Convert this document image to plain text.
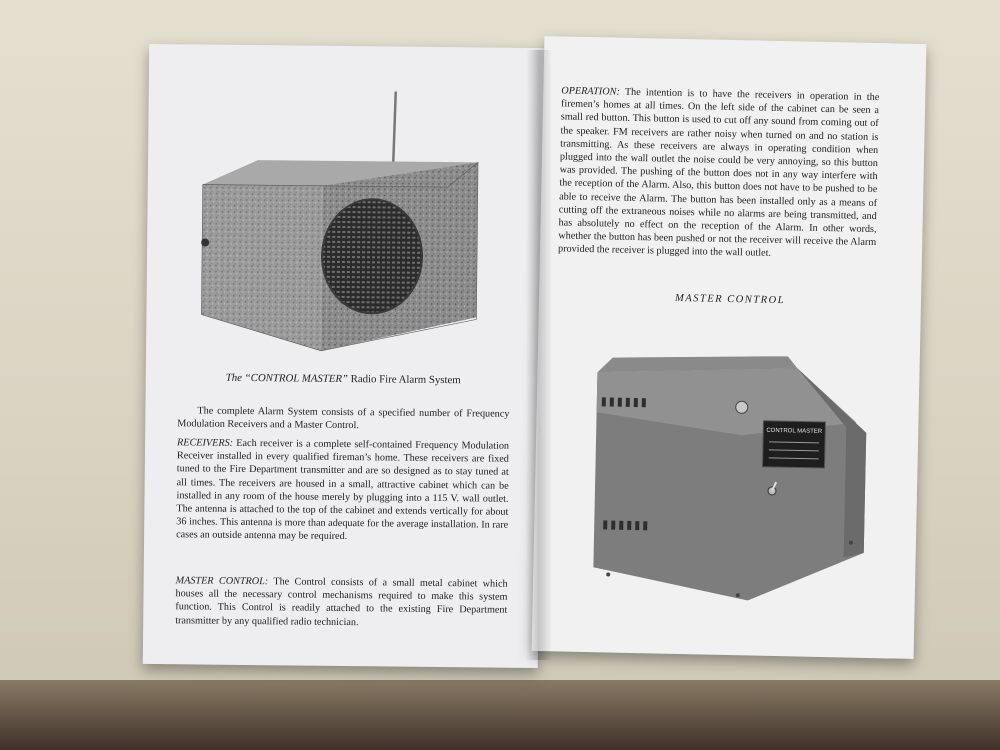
The “CONTROL MASTER” Radio Fire Alarm System

The complete Alarm System consists of a specified number of Frequency Modulation Receivers and a Master Control.

RECEIVERS: Each receiver is a complete self-contained Frequency Modulation Receiver installed in every qualified fireman’s home. These receivers are fixed tuned to the Fire Department transmitter and are so designed as to stay tuned at all times. The receivers are housed in a small, attractive cabinet which can be installed in any room of the house merely by plugging into a 115 V. wall outlet. The antenna is attached to the top of the cabinet and extends vertically for about 36 inches. This antenna is more than adequate for the average installation. In rare cases an outside antenna may be required.

MASTER CONTROL: The Control consists of a small metal cabinet which houses all the necessary control mechanisms required to make this system function. This Control is readily attached to the existing Fire Department transmitter by any qualified radio technician.

OPERATION: The intention is to have the receivers in operation in the firemen’s homes at all times. On the left side of the cabinet can be seen a small red button. This button is used to cut off any sound from coming out of the speaker. FM receivers are rather noisy when turned on and no station is transmitting. As these receivers are always in operating condition when plugged into the wall outlet the noise could be very annoying, so this button was provided. The pushing of the button does not in any way interfere with the reception of the Alarm. Also, this button does not have to be pushed to be able to receive the Alarm. The button has been installed only as a means of cutting off the extraneous noises while no alarms are being transmitted, and has absolutely no effect on the reception of the Alarm. In other words, whether the button has been pushed or not the receiver will receive the Alarm provided the receiver is plugged into the wall outlet.

MASTER CONTROL
CONTROL MASTER
